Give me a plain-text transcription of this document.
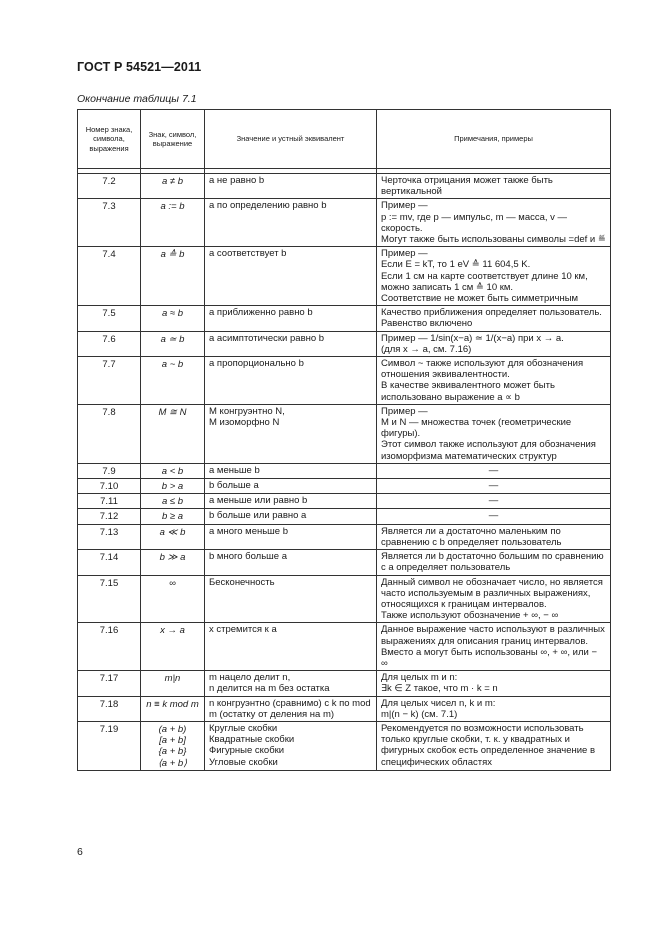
ГОСТ Р 54521—2011
Окончание таблицы 7.1
Номер знака, символа, выражения	Знак, символ, выражение	Значение и устный эквивалент	Примечания, примеры

7.2	a ≠ b	a не равно b	Черточка отрицания может также быть вертикальной
7.3	a := b	a по определению равно b	Пример —
p := mv, где p — импульс, m — масса, v — скорость.
Могут также быть использованы символы =def и ≝
7.4	a ≙ b	a соответствует b	Пример —
Если E = kT, то 1 eV ≙ 11 604,5 K.
Если 1 см на карте соответствует длине 10 км, можно записать 1 см ≙ 10 км.
Соответствие не может быть симметричным
7.5	a ≈ b	a приближенно равно b	Качество приближения определяет пользователь. Равенство включено
7.6	a ≃ b	a асимптотически равно b	Пример — 1/sin(x−a) ≃ 1/(x−a) при x → a.
(для x → a, см. 7.16)
7.7	a ~ b	a пропорционально b	Символ ~ также используют для обозначения отношения эквивалентности.
В качестве эквивалентного может быть использовано выражение a ∝ b
7.8	M ≅ N	M конгруэнтно N,
M изоморфно N	Пример —
M и N — множества точек (геометрические фигуры).
Этот символ также используют для обозначения изоморфизма математических структур
7.9	a < b	a меньше b	—
7.10	b > a	b больше a	—
7.11	a ≤ b	a меньше или равно b	—
7.12	b ≥ a	b больше или равно a	—
7.13	a ≪ b	a много меньше b	Является ли a достаточно маленьким по сравнению с b определяет пользователь
7.14	b ≫ a	b много больше a	Является ли b достаточно большим по сравнению с a определяет пользователь
7.15	∞	Бесконечность	Данный символ не обозначает число, но является часто используемым в различных выражениях, относящихся к границам интервалов.
Также используют обозначение + ∞, − ∞
7.16	x → a	x стремится к a	Данное выражение часто используют в различных выражениях для описания границ интервалов.
Вместо a могут быть использованы ∞, + ∞, или − ∞
7.17	m|n	m нацело делит n,
n делится на m без остатка	Для целых m и n:
∃k ∈ Z такое, что m · k = n
7.18	n ≡ k mod m	n конгруэнтно (сравнимо) с k по mod m (остатку от деления на m)	Для целых чисел n, k и m:
m|(n − k) (см. 7.1)
7.19	(a + b)
[a + b]
{a + b}
⟨a + b⟩	Круглые скобки
Квадратные скобки
Фигурные скобки
Угловые скобки	Рекомендуется по возможности использовать только круглые скобки, т. к. у квадратных и фигурных скобок есть определенное значение в специфических областях
6
